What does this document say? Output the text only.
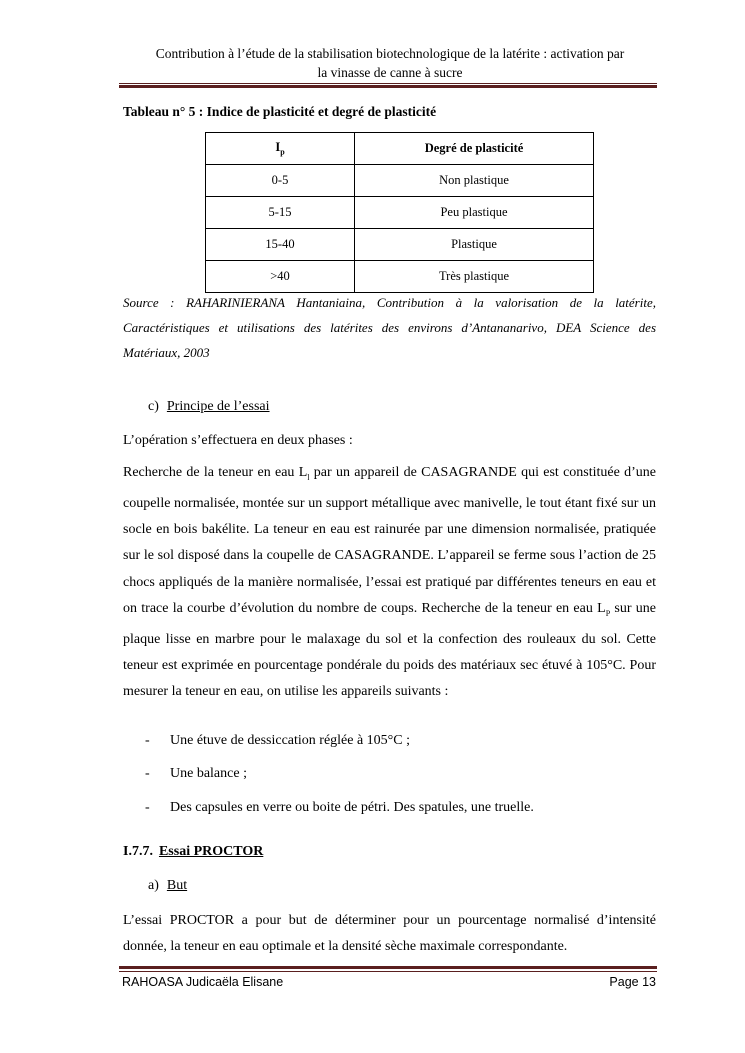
Contribution à l’étude de la stabilisation biotechnologique de la latérite : activation par
la vinasse de canne à sucre
Tableau n° 5 : Indice de plasticité et degré de plasticité
$I_p$	Degré de plasticité
0-5	Non plastique
5-15	Peu plastique
15-40	Plastique
>40	Très plastique
Source : RAHARINIERANA Hantaniaina, Contribution à la valorisation de la latérite, Caractéristiques et utilisations des latérites des environs d’Antananarivo, DEA Science des Matériaux, 2003
c) Principe de l’essai
L’opération s’effectuera en deux phases :
Recherche de la teneur en eau $L_l$ par un appareil de CASAGRANDE qui est constituée d’une coupelle normalisée, montée sur un support métallique avec manivelle, le tout étant fixé sur un socle en bois bakélite. La teneur en eau est rainurée par une dimension normalisée, pratiquée sur le sol disposé dans la coupelle de CASAGRANDE. L’appareil se ferme sous l’action de 25 chocs appliqués de la manière normalisée, l’essai est pratiqué par différentes teneurs en eau et on trace la courbe d’évolution du nombre de coups. Recherche de la teneur en eau $L_P$ sur une plaque lisse en marbre pour le malaxage du sol et la confection des rouleaux du sol. Cette teneur est exprimée en pourcentage pondérale du poids des matériaux sec étuvé à 105°C. Pour mesurer la teneur en eau, on utilise les appareils suivants :
- Une étuve de dessiccation réglée à 105°C ;
- Une balance ;
- Des capsules en verre ou boite de pétri. Des spatules, une truelle.
I.7.7. Essai PROCTOR
a) But
L’essai PROCTOR a pour but de déterminer pour un pourcentage normalisé d’intensité donnée, la teneur en eau optimale et la densité sèche maximale correspondante.
RAHOASA Judicaëla Elisane	Page 13
